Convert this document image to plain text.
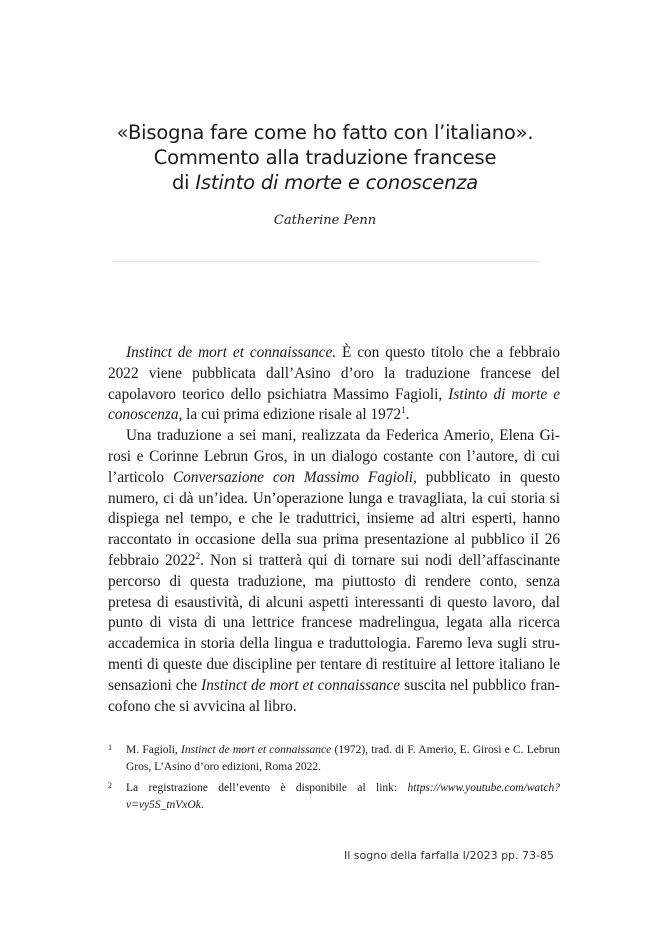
«Bisogna fare come ho fatto con l’italiano».
Commento alla traduzione francese
di Istinto di morte e conoscenza
Catherine Penn

Instinct de mort et connaissance. È con questo titolo che a febbraio 2022 viene pubblicata dall’Asino d’oro la traduzione francese del capolavoro teorico dello psichiatra Massimo Fagioli, Istinto di morte e conoscenza, la cui prima edizione risale al 1972$^1$.

Una traduzione a sei mani, realizzata da Federica Amerio, Elena Girosi e Corinne Lebrun Gros, in un dialogo costante con l’autore, di cui l’articolo Conversazione con Massimo Fagioli, pubblicato in questo numero, ci dà un’idea. Un’operazione lunga e travagliata, la cui storia si dispiega nel tempo, e che le traduttrici, insieme ad altri esperti, hanno raccontato in occasione della sua prima presentazione al pubblico il 26 febbraio 2022$^2$. Non si tratterà qui di tornare sui nodi dell’affascinante percorso di questa traduzione, ma piuttosto di rendere conto, senza pretesa di esaustività, di alcuni aspetti interessanti di questo lavoro, dal punto di vista di una lettrice francese madrelingua, legata alla ricerca accademica in storia della lingua e traduttologia. Faremo leva sugli strumenti di queste due discipline per tentare di restituire al lettore italiano le sensazioni che Instinct de mort et connaissance suscita nel pubblico francofono che si avvicina al libro.

1	M. Fagioli, Instinct de mort et connaissance (1972), trad. di F. Amerio, E. Girosi e C. Lebrun Gros, L’Asino d’oro edizioni, Roma 2022.
2	La registrazione dell’evento è disponibile al link: https://www.youtube.com/watch?v=vy5S_tnVxOk.
Il sogno della farfalla I/2023 pp. 73-85
